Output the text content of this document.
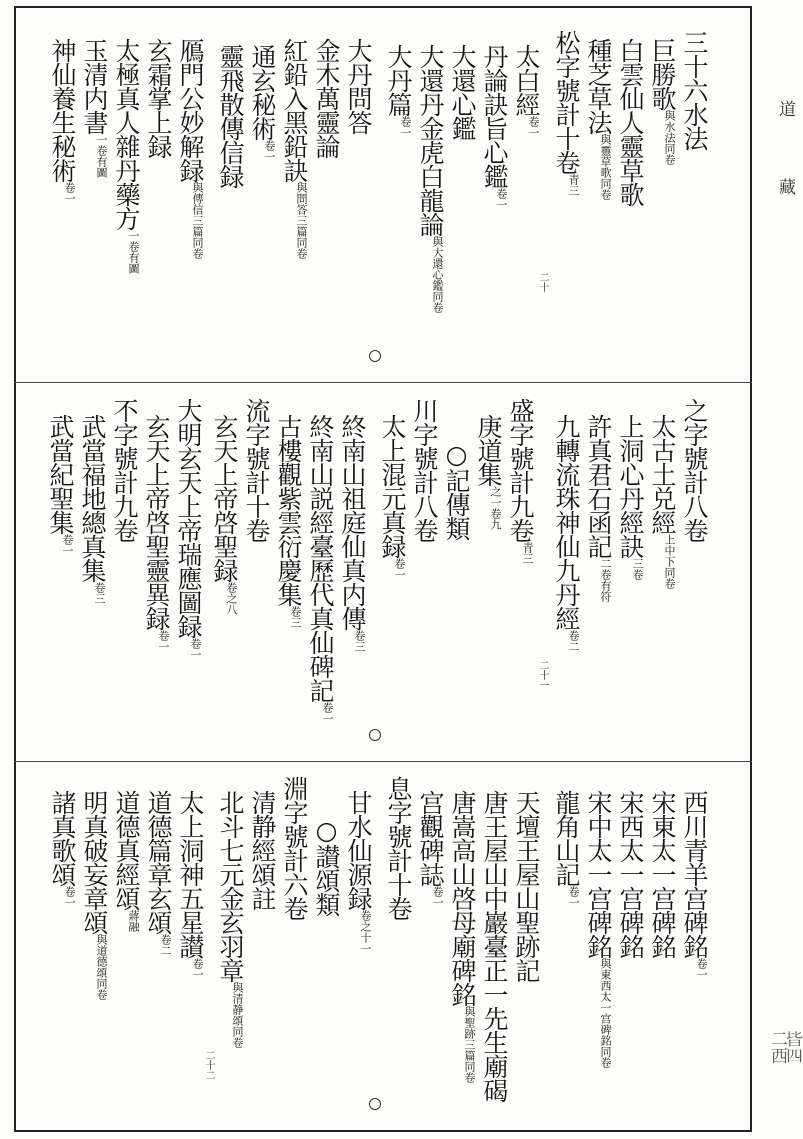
道
藏
二西
𣅜四
二十
二十一
二十二
三十六水法
巨勝歌與水法同卷
白雲仙人靈草歌
種芝草法與靈草歌同卷
松字號計十卷青三
太白經卷一
丹論訣旨心鑑卷一
大還心鑑
大還丹金虎白龍論與大還心鑑同卷
大丹篇卷一
大丹問答
金木萬靈論
紅鉛入黑鉛訣與問答三篇同卷
通玄秘術卷一
靈飛散傳信録
鴈門公妙解録與傳信三篇同卷
玄霜掌上録
太極真人雜丹藥方一卷有圖
玉清内書一卷有圖
神仙養生秘術卷一
之字號計八卷
太古土兑經上中下同卷
上洞心丹經訣三卷
許真君石函記二卷有符
九轉流珠神仙九丹經卷二
盛字號計九卷青三
庚道集之一卷九
○記傳類
川字號計八卷
太上混元真録卷一
終南山祖庭仙真内傳卷三
終南山説經臺歷代真仙碑記卷一
古樓觀紫雲衍慶集卷三
流字號計十卷
玄天上帝啓聖録卷之八
大明玄天上帝瑞應圖録卷一
玄天上帝啓聖靈異録卷一
不字號計九卷
武當福地總真集卷三
武當紀聖集卷一
西川青羊宫碑銘卷一
宋東太一宫碑銘
宋西太一宫碑銘
宋中太一宫碑銘與東西太一宫碑銘同卷
龍角山記卷一
天壇王屋山聖跡記
唐王屋山中巖臺正一先生廟碣
唐嵩高山啓母廟碑銘與聖跡三篇同卷
宫觀碑誌卷一
息字號計十卷
甘水仙源録卷之十一
○讃頌類
淵字號計六卷
清静經頌註
北斗七元金玄羽章與清静頌同卷
太上洞神五星讃卷一
道德篇章玄頌卷二
道德真經頌蔣融
明真破妄章頌與道德頌同卷
諸真歌頌卷一
